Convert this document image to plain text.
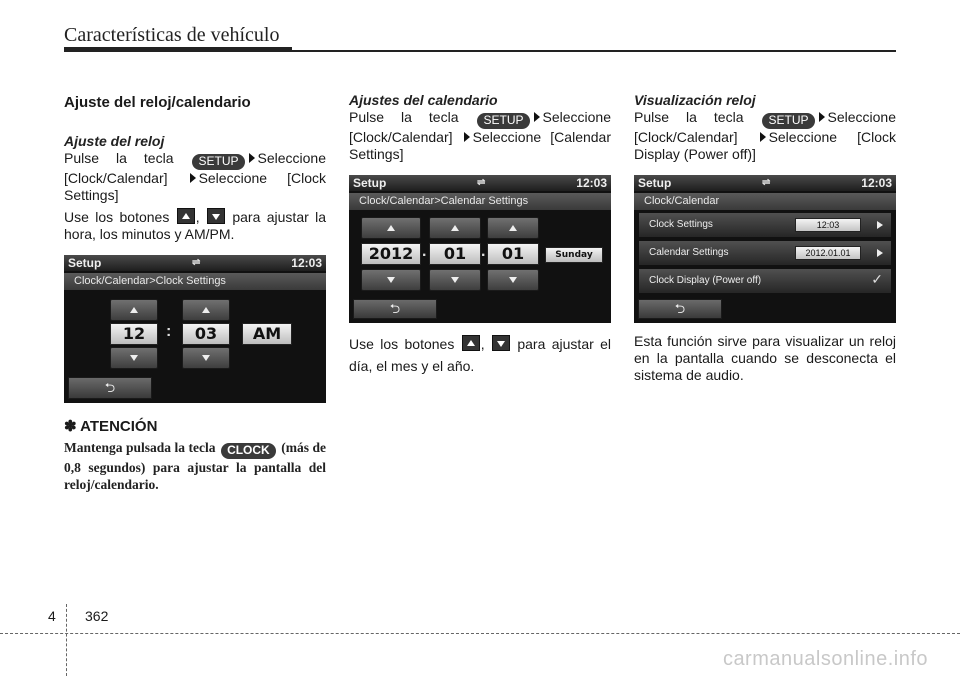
Características de vehículo
Ajuste del reloj/calendario
Ajuste del reloj

Pulse la tecla SETUP Seleccione [Clock/Calendar] Seleccione [Clock Settings]

Use los botones , para ajustar la hora, los minutos y AM/PM.

Setup	⇌	12:03
Clock/Calendar>Clock Settings
12	:	03	AM
⮌
✽ ATENCIÓN

Mantenga pulsada la tecla CLOCK (más de 0,8 segundos) para ajustar la pantalla del reloj/calendario.

Ajustes del calendario

Pulse la tecla SETUP Seleccione [Clock/Calendar] Seleccione [Calendar Settings]

Setup	⇌	12:03
Clock/Calendar>Calendar Settings
2012 .	01 .	01	Sunday
⮌

Use los botones , para ajustar el día, el mes y el año.

Visualización reloj

Pulse la tecla SETUP Seleccione [Clock/Calendar] Seleccione [Clock Display (Power off)]

Setup	⇌	12:03
Clock/Calendar
Clock Settings	12:03
Calendar Settings	2012.01.01
Clock Display (Power off)	✓
⮌

Esta función sirve para visualizar un reloj en la pantalla cuando se desconecta el sistema de audio.

4 362
carmanualsonline.info
